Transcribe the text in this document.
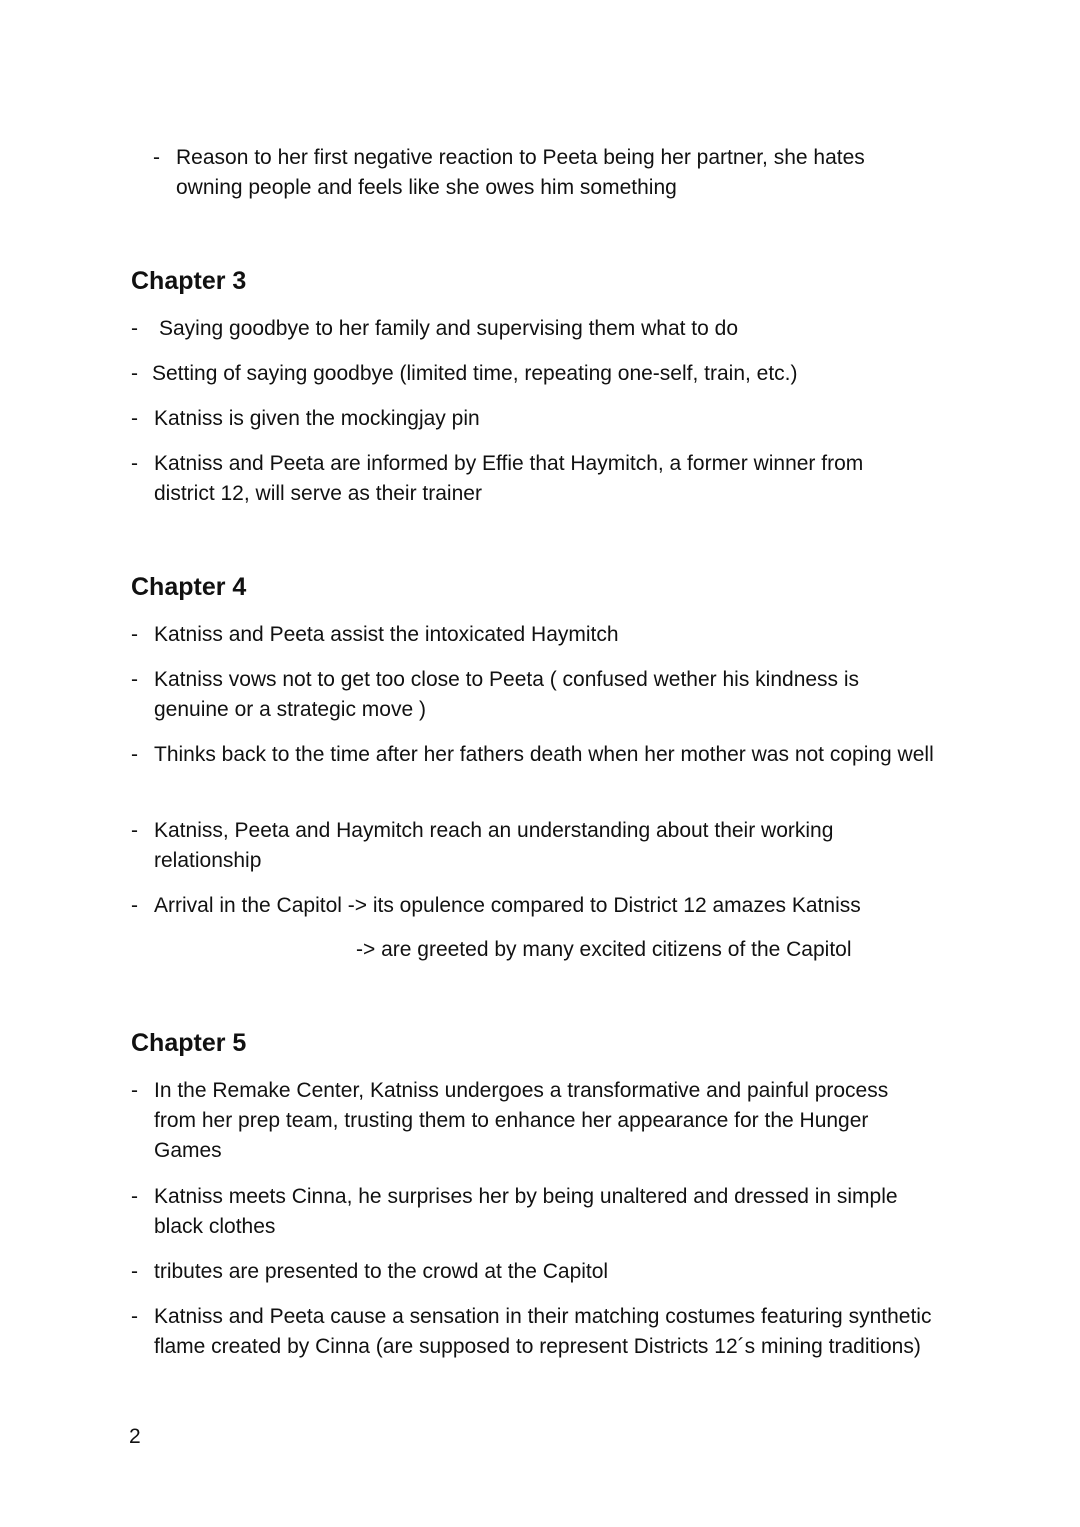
- Reason to her first negative reaction to Peeta being her partner, she hates owning people and feels like she owes him something
Chapter 3
-	Saying goodbye to her family and supervising them what to do
- Setting of saying goodbye (limited time, repeating one-self, train, etc.)
- Katniss is given the mockingjay pin
- Katniss and Peeta are informed by Effie that Haymitch, a former winner from district 12, will serve as their trainer
Chapter 4
- Katniss and Peeta assist the intoxicated Haymitch
- Katniss vows not to get too close to Peeta ( confused wether his kindness is genuine or a strategic move )
- Thinks back to the time after her fathers death when her mother was not coping well
- Katniss, Peeta and Haymitch reach an understanding about their working relationship
- Arrival in the Capitol -> its opulence compared to District 12 amazes Katniss
-> are greeted by many excited citizens of the Capitol
Chapter 5
- In the Remake Center, Katniss undergoes a transformative and painful process from her prep team, trusting them to enhance her appearance for the Hunger Games
- Katniss meets Cinna, he surprises her by being unaltered and dressed in simple black clothes
- tributes are presented to the crowd at the Capitol
- Katniss and Peeta cause a sensation in their matching costumes featuring synthetic flame created by Cinna (are supposed to represent Districts 12´s mining traditions)
2
